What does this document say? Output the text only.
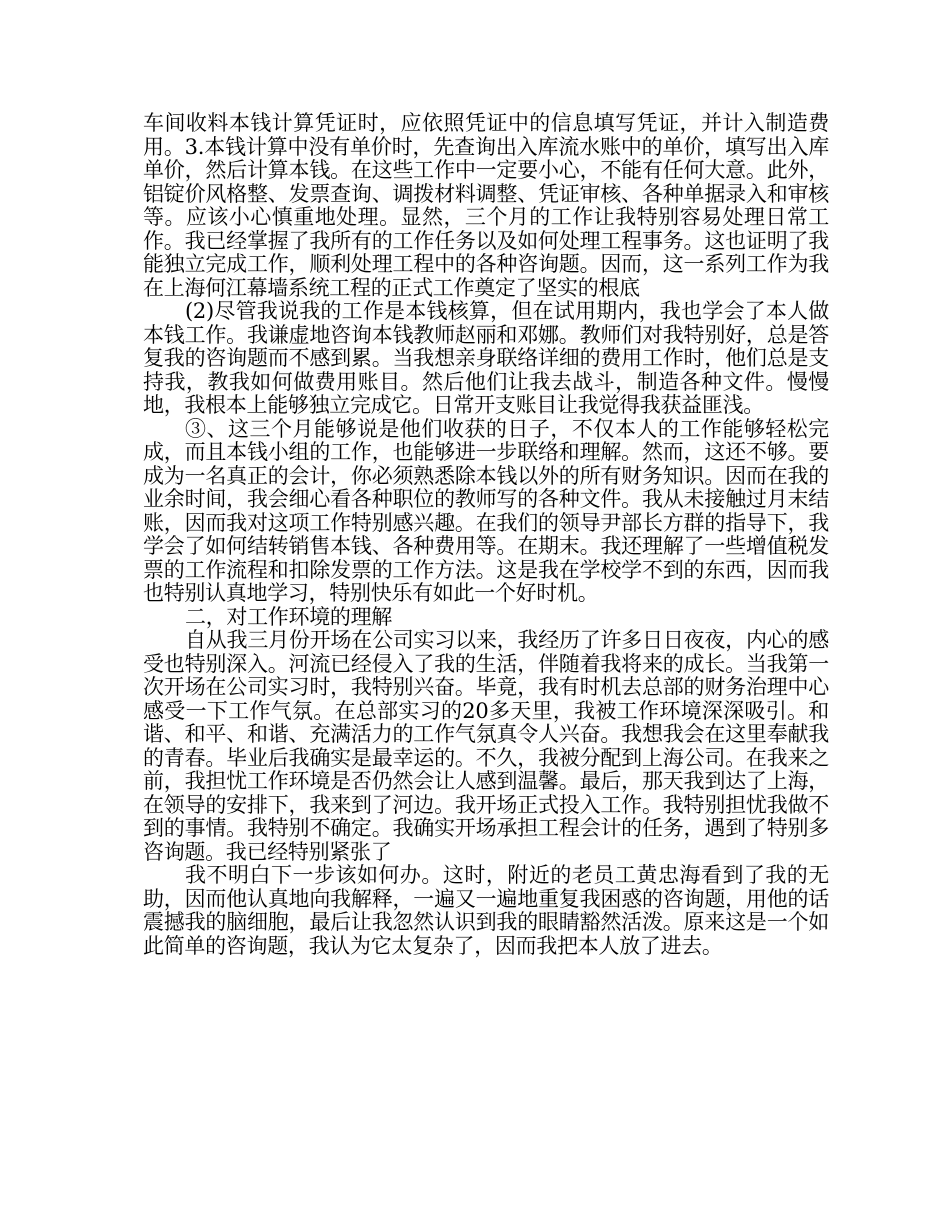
车间收料本钱计算凭证时，应依照凭证中的信息填写凭证，并计入制造费用。3.本钱计算中没有单价时，先查询出入库流水账中的单价，填写出入库单价，然后计算本钱。在这些工作中一定要小心，不能有任何大意。此外，铝锭价风格整、发票查询、调拨材料调整、凭证审核、各种单据录入和审核等。应该小心慎重地处理。显然，三个月的工作让我特别容易处理日常工作。我已经掌握了我所有的工作任务以及如何处理工程事务。这也证明了我能独立完成工作，顺利处理工程中的各种咨询题。因而，这一系列工作为我在上海何江幕墙系统工程的正式工作奠定了坚实的根底

(2)尽管我说我的工作是本钱核算，但在试用期内，我也学会了本人做本钱工作。我谦虚地咨询本钱教师赵丽和邓娜。教师们对我特别好，总是答复我的咨询题而不感到累。当我想亲身联络详细的费用工作时，他们总是支持我，教我如何做费用账目。然后他们让我去战斗，制造各种文件。慢慢地，我根本上能够独立完成它。日常开支账目让我觉得我获益匪浅。

③、这三个月能够说是他们收获的日子，不仅本人的工作能够轻松完成，而且本钱小组的工作，也能够进一步联络和理解。然而，这还不够。要成为一名真正的会计，你必须熟悉除本钱以外的所有财务知识。因而在我的业余时间，我会细心看各种职位的教师写的各种文件。我从未接触过月末结账，因而我对这项工作特别感兴趣。在我们的领导尹部长方群的指导下，我学会了如何结转销售本钱、各种费用等。在期末。我还理解了一些增值税发票的工作流程和扣除发票的工作方法。这是我在学校学不到的东西，因而我也特别认真地学习，特别快乐有如此一个好时机。

二，对工作环境的理解

自从我三月份开场在公司实习以来，我经历了许多日日夜夜，内心的感受也特别深入。河流已经侵入了我的生活，伴随着我将来的成长。当我第一次开场在公司实习时，我特别兴奋。毕竟，我有时机去总部的财务治理中心感受一下工作气氛。在总部实习的20多天里，我被工作环境深深吸引。和谐、和平、和谐、充满活力的工作气氛真令人兴奋。我想我会在这里奉献我的青春。毕业后我确实是最幸运的。不久，我被分配到上海公司。在我来之前，我担忧工作环境是否仍然会让人感到温馨。最后，那天我到达了上海，在领导的安排下，我来到了河边。我开场正式投入工作。我特别担忧我做不到的事情。我特别不确定。我确实开场承担工程会计的任务，遇到了特别多咨询题。我已经特别紧张了

我不明白下一步该如何办。这时，附近的老员工黄忠海看到了我的无助，因而他认真地向我解释，一遍又一遍地重复我困惑的咨询题，用他的话震撼我的脑细胞，最后让我忽然认识到我的眼睛豁然活泼。原来这是一个如此简单的咨询题，我认为它太复杂了，因而我把本人放了进去。
